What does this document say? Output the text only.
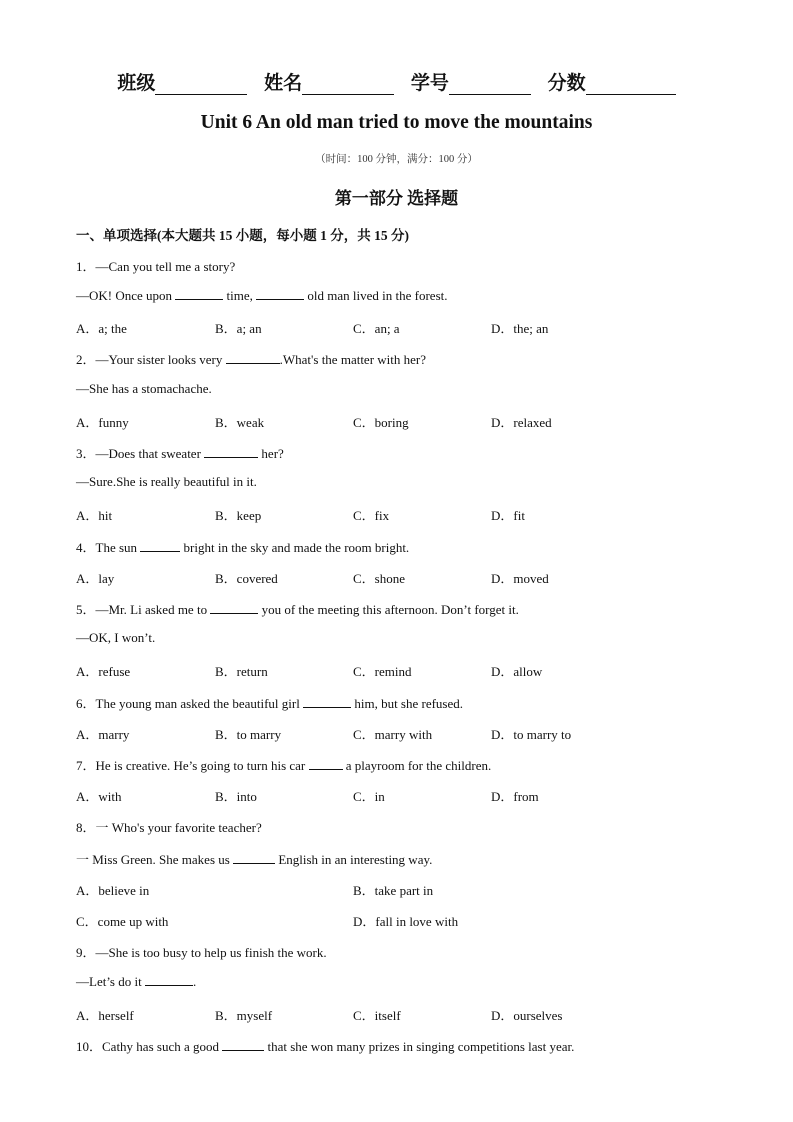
班级	姓名	学号	分数
Unit 6 An old man tried to move the mountains
（时间：100 分钟，满分：100 分）
第一部分 选择题
一、单项选择(本大题共 15 小题，每小题 1 分，共 15 分)
1．—Can you tell me a story?
—OK! Once upon	time,	old man lived in the forest.
A．a; the	B．a; an	C．an; a	D．the; an
2．—Your sister looks very	.What's the matter with her?
—She has a stomachache.
A．funny	B．weak	C．boring	D．relaxed
3．—Does that sweater	her?
—Sure.She is really beautiful in it.
A．hit	B．keep	C．fix	D．fit
4．The sun	bright in the sky and made the room bright.
A．lay	B．covered	C．shone	D．moved
5．—Mr. Li asked me to	you of the meeting this afternoon. Don’t forget it.
—OK, I won’t.
A．refuse	B．return	C．remind	D．allow
6．The young man asked the beautiful girl	him, but she refused.
A．marry	B．to marry	C．marry with	D．to marry to
7．He is creative. He’s going to turn his car	a playroom for the children.
A．with	B．into	C．in	D．from
8．一 Who's your favorite teacher?
一 Miss Green. She makes us	English in an interesting way.
A．believe in	B．take part in
C．come up with	D．fall in love with
9．—She is too busy to help us finish the work.
—Let’s do it	.
A．herself	B．myself	C．itself	D．ourselves
10．Cathy has such a good	that she won many prizes in singing competitions last year.
